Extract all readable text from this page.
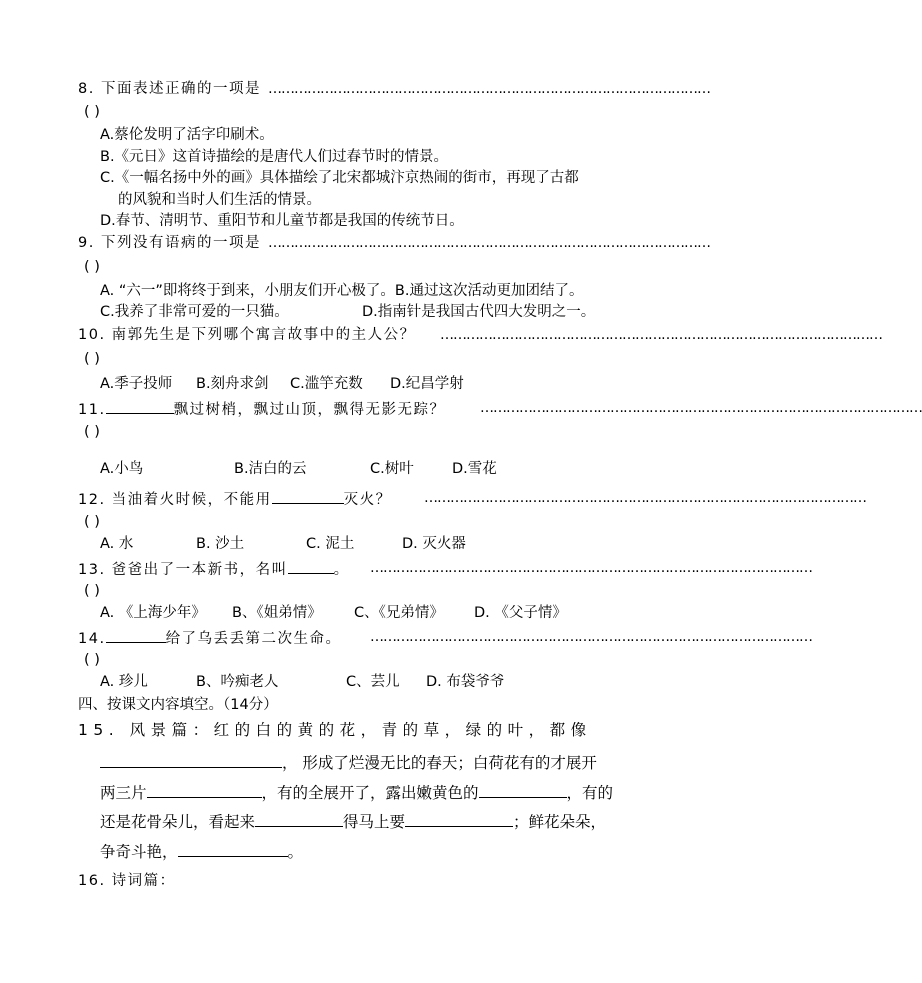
8. 下面表述正确的一项是 …………………………………………………………………………………………
( )
A.蔡伦发明了活字印刷术。
B.《元日》这首诗描绘的是唐代人们过春节时的情景。
C.《一幅名扬中外的画》具体描绘了北宋都城汴京热闹的街市，再现了古都
的风貌和当时人们生活的情景。
D.春节、清明节、重阳节和儿童节都是我国的传统节日。
9. 下列没有语病的一项是 …………………………………………………………………………………………
( )
A. “六一”即将终于到来，小朋友们开心极了。B.通过这次活动更加团结了。
C.我养了非常可爱的一只猫。	D.指南针是我国古代四大发明之一。
10. 南郭先生是下列哪个寓言故事中的主人公？ …………………………………………………………………………………………
( )
A.季子投师 B.刻舟求剑 C.滥竽充数 D.纪昌学射
11.	飘过树梢，飘过山顶，飘得无影无踪？ …………………………………………………………………………………………
( )
A.小鸟	B.洁白的云	C.树叶	D.雪花
12. 当油着火时候，不能用	灭火？ …………………………………………………………………………………………
( )
A. 水	B. 沙土	C. 泥土	D. 灭火器
13. 爸爸出了一本新书，名叫	。 …………………………………………………………………………………………
( )
A. 《上海少年》 B、《姐弟情》 C、《兄弟情》 D. 《父子情》
14.	给了乌丢丢第二次生命。 …………………………………………………………………………………………
( )
A. 珍儿	B、吟痴老人	C、芸儿 D. 布袋爷爷
四、按课文内容填空。（14分）
15. 风景篇：红的白的黄的花，青的草，绿的叶，都像
， 形成了烂漫无比的春天；白荷花有的才展开
两三片	，有的全展开了，露出嫩黄色的	，有的
还是花骨朵儿，看起来	得马上要	；鲜花朵朵，
争奇斗艳，	。
16. 诗词篇：
